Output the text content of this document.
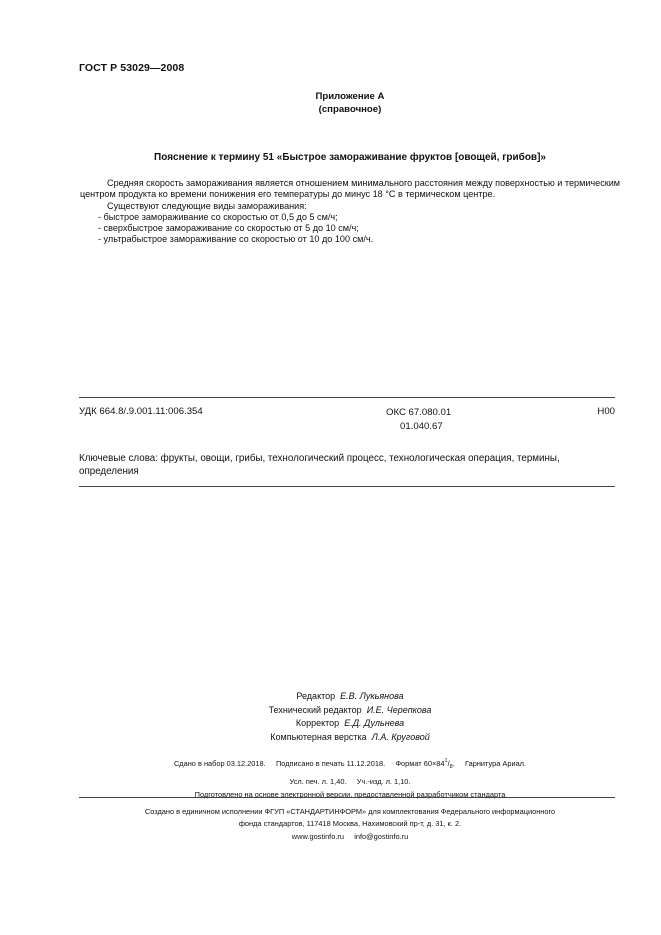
ГОСТ Р 53029—2008
Приложение А
(справочное)
Пояснение к термину 51 «Быстрое замораживание фруктов [овощей, грибов]»

Средняя скорость замораживания является отношением минимального расстояния между поверхностью и термическим центром продукта ко времени понижения его температуры до минус 18 °С в термическом центре.

Существуют следующие виды замораживания:

- быстрое замораживание со скоростью от 0,5 до 5 см/ч;

- сверхбыстрое замораживание со скоростью от 5 до 10 см/ч;

- ультрабыстрое замораживание со скоростью от 10 до 100 см/ч.

УДК 664.8/.9.001.11:006.354	ОКС 67.080.01
01.040.67
Н00
Ключевые слова: фрукты, овощи, грибы, технологический процесс, технологическая операция, термины, определения
Редактор Е.В. Лукьянова
Технический редактор И.Е. Черепкова
Корректор Е.Д. Дульнева
Компьютерная верстка Л.А. Круговой
Сдано в набор 03.12.2018. Подписано в печать 11.12.2018. Формат $60\times 84^1/_8$.     Гарнитура Ариал.
Усл. печ. л. 1,40. Уч.-изд. л. 1,10.
Подготовлено на основе электронной версии, предоставленной разработчиком стандарта
Создано в единичном исполнении ФГУП «СТАНДАРТИНФОРМ» для комплектования Федерального информационного
фонда стандартов, 117418 Москва, Нахимовский пр-т, д. 31, к. 2.
www.gostinfo.ru info@gostinfo.ru
